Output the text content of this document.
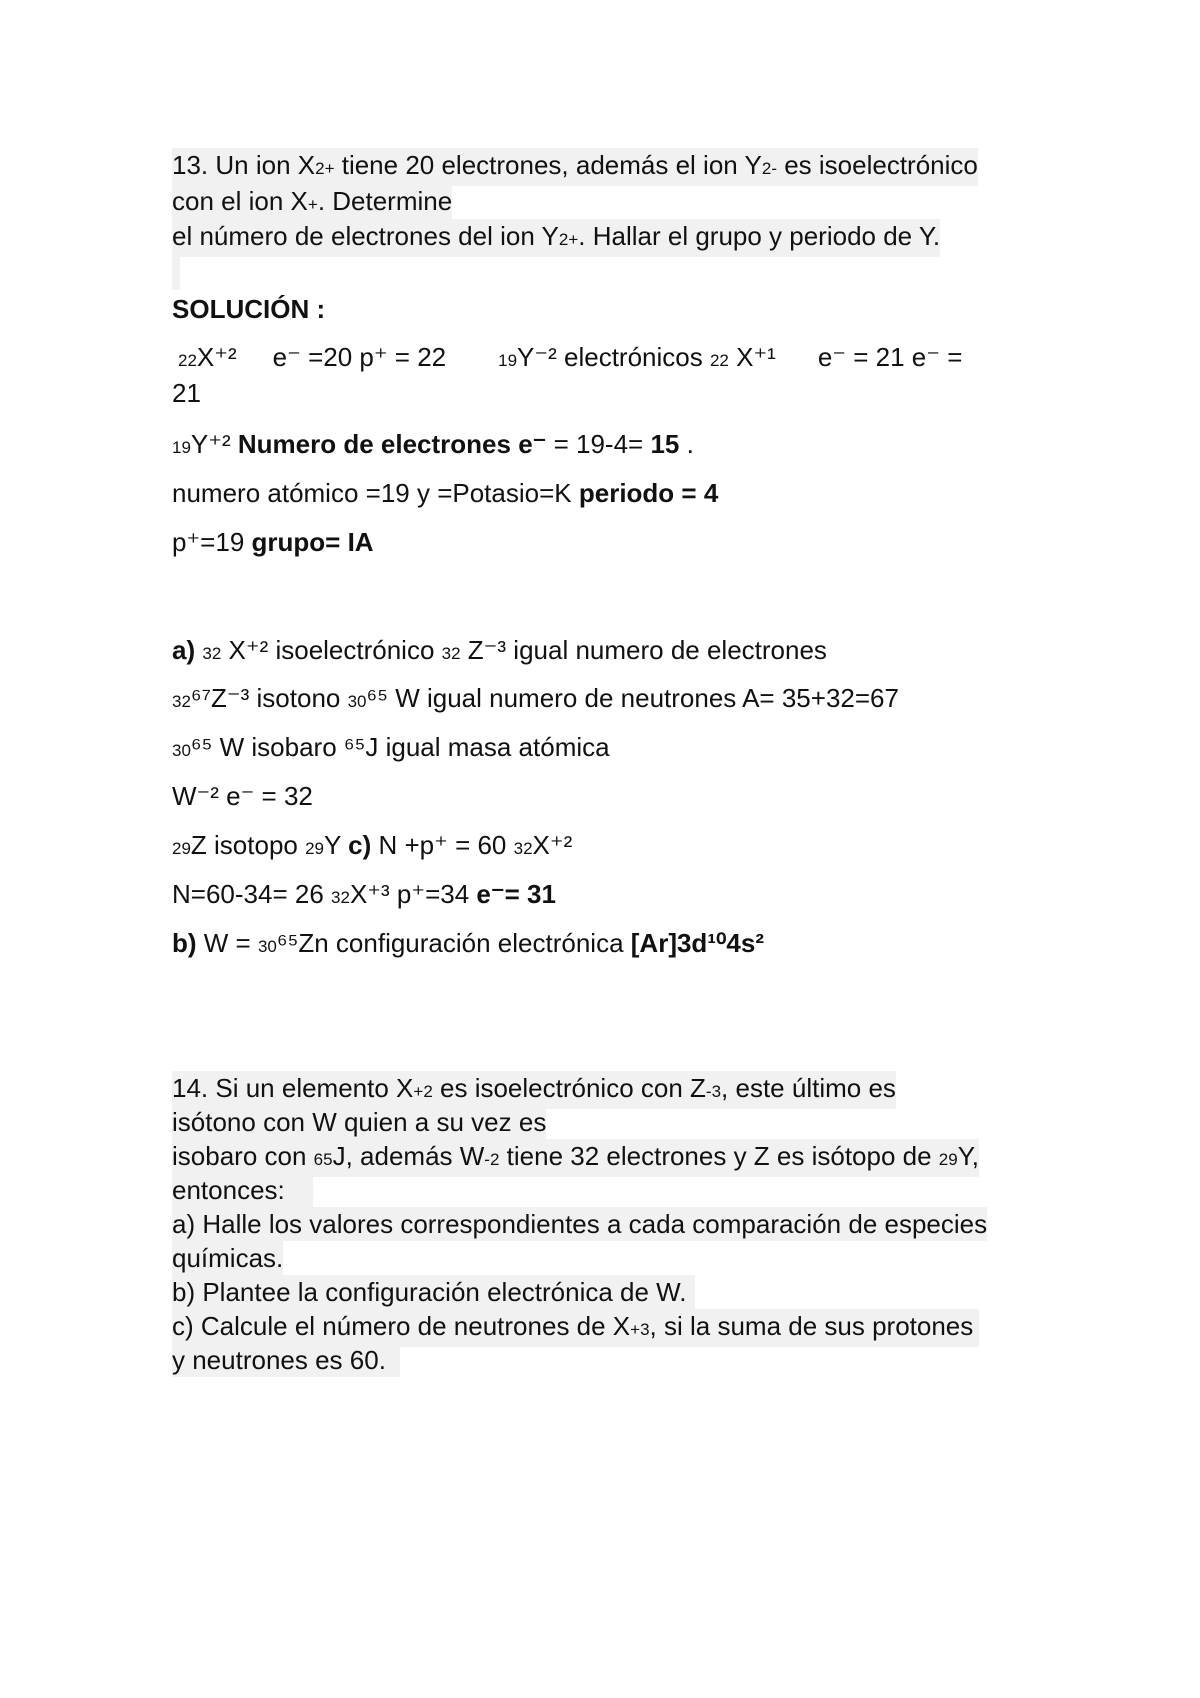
13. Un ion X2+ tiene 20 electrones, además el ion Y2- es isoelectrónico
con el ion X+. Determine
el número de electrones del ion Y2+. Hallar el grupo y periodo de Y.
SOLUCIÓN :
22X⁺² e⁻ =20 p⁺ = 22	19Y⁻² electrónicos 22 X⁺¹ e⁻ = 21 e⁻ =
21
19Y⁺² Numero de electrones e⁻ = 19-4= 15 .
numero atómico =19 y =Potasio=K periodo = 4
p⁺=19 grupo= IA
a) 32 X⁺² isoelectrónico 32 Z⁻³ igual numero de electrones
32⁶⁷Z⁻³ isotono 30⁶⁵ W igual numero de neutrones A= 35+32=67
30⁶⁵ W isobaro ⁶⁵J igual masa atómica
W⁻² e⁻ = 32
29Z isotopo 29Y c) N +p⁺ = 60 32X⁺²
N=60-34= 26 32X⁺³ p⁺=34 e⁻= 31
b) W = 30⁶⁵Zn configuración electrónica [Ar]3d¹⁰4s²
14. Si un elemento X+2 es isoelectrónico con Z-3, este último es
isótono con W quien a su vez es
isobaro con 65J, además W-2 tiene 32 electrones y Z es isótopo de 29Y,
entonces:
a) Halle los valores correspondientes a cada comparación de especies
químicas.
b) Plantee la configuración electrónica de W.
c) Calcule el número de neutrones de X+3, si la suma de sus protones
y neutrones es 60.
